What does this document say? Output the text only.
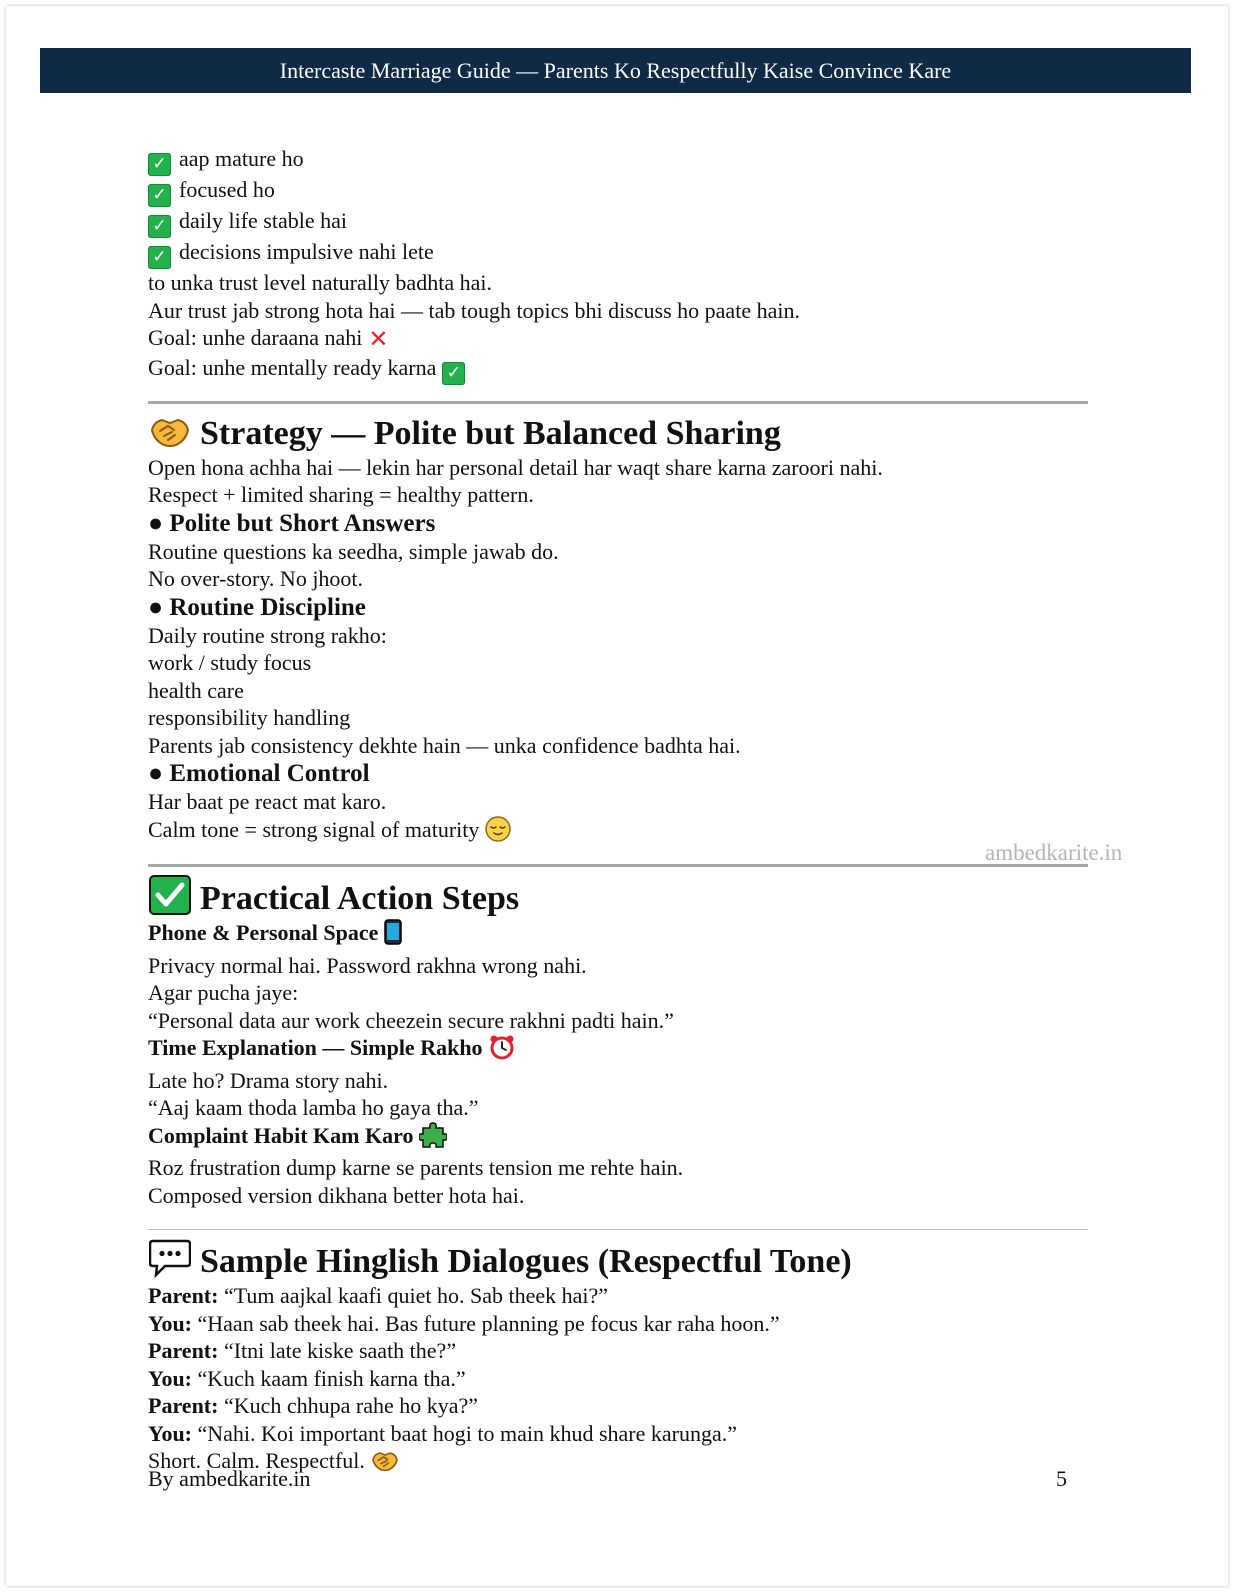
Intercaste Marriage Guide — Parents Ko Respectfully Kaise Convince Kare
✓ aap mature ho
✓ focused ho
✓ daily life stable hai
✓ decisions impulsive nahi lete
to unka trust level naturally badhta hai.
Aur trust jab strong hota hai — tab tough topics bhi discuss ho paate hain.
Goal: unhe daraana nahi ✕
Goal: unhe mentally ready karna ✓
Strategy — Polite but Balanced Sharing
Open hona achha hai — lekin har personal detail har waqt share karna zaroori nahi.
Respect + limited sharing = healthy pattern.
● Polite but Short Answers
Routine questions ka seedha, simple jawab do.
No over-story. No jhoot.
● Routine Discipline
Daily routine strong rakho:
work / study focus
health care
responsibility handling
Parents jab consistency dekhte hain — unka confidence badhta hai.
● Emotional Control
Har baat pe react mat karo.
Calm tone = strong signal of maturity
Practical Action Steps
Phone & Personal Space
Privacy normal hai. Password rakhna wrong nahi.
Agar pucha jaye:
“Personal data aur work cheezein secure rakhni padti hain.”
Time Explanation — Simple Rakho
Late ho? Drama story nahi.
“Aaj kaam thoda lamba ho gaya tha.”
Complaint Habit Kam Karo
Roz frustration dump karne se parents tension me rehte hain.
Composed version dikhana better hota hai.
Sample Hinglish Dialogues (Respectful Tone)
Parent: “Tum aajkal kaafi quiet ho. Sab theek hai?”
You: “Haan sab theek hai. Bas future planning pe focus kar raha hoon.”
Parent: “Itni late kiske saath the?”
You: “Kuch kaam finish karna tha.”
Parent: “Kuch chhupa rahe ho kya?”
You: “Nahi. Koi important baat hogi to main khud share karunga.”
Short. Calm. Respectful.
ambedkarite.in
By ambedkarite.in	5
